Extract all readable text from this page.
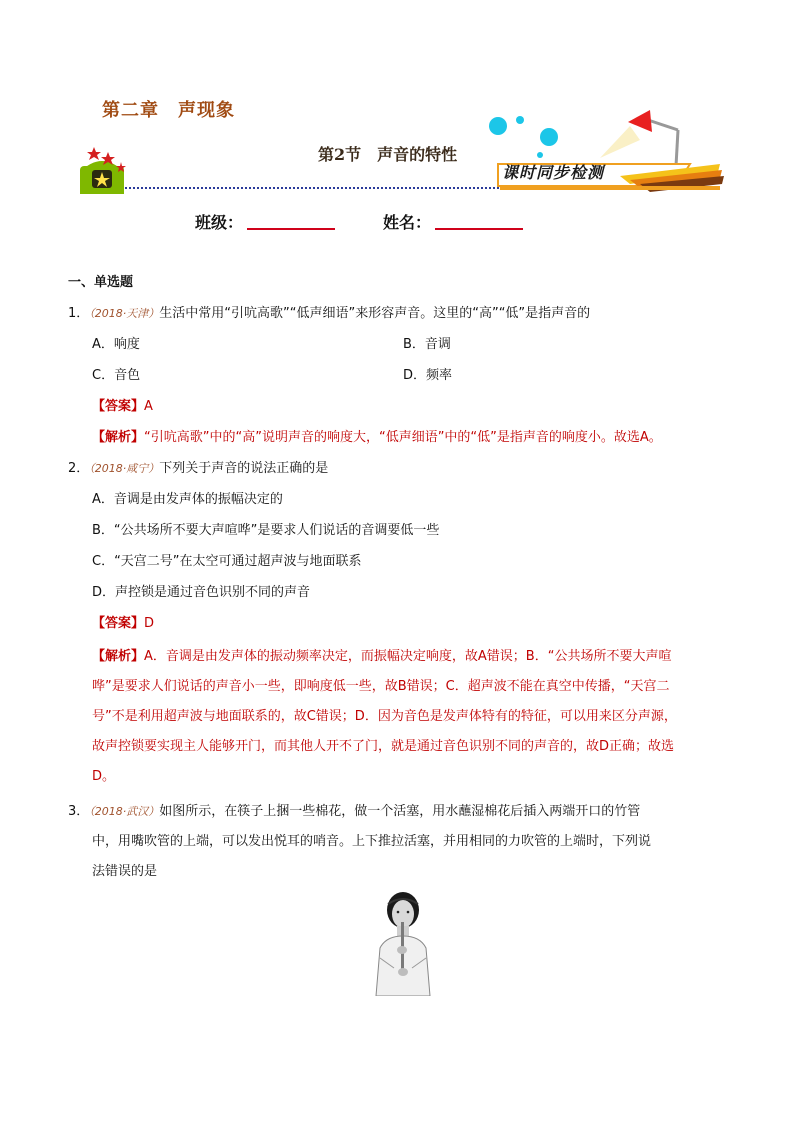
第二章　声现象
第2节　声音的特性
课时同步检测
班级：	姓名：
一、单选题
1．（2018·天津）生活中常用“引吭高歌”“低声细语”来形容声音。这里的“高”“低”是指声音的
A．响度	B．音调
C．音色	D．频率
【答案】A
【解析】“引吭高歌”中的“高”说明声音的响度大，“低声细语”中的“低”是指声音的响度小。故选A。
2．（2018·咸宁）下列关于声音的说法正确的是
A．音调是由发声体的振幅决定的
B．“公共场所不要大声喧哗”是要求人们说话的音调要低一些
C．“天宫二号”在太空可通过超声波与地面联系
D．声控锁是通过音色识别不同的声音
【答案】D
【解析】A．音调是由发声体的振动频率决定，而振幅决定响度，故A错误；B．“公共场所不要大声喧
哗”是要求人们说话的声音小一些，即响度低一些，故B错误；C．超声波不能在真空中传播，“天宫二
号”不是利用超声波与地面联系的，故C错误；D．因为音色是发声体特有的特征，可以用来区分声源，
故声控锁要实现主人能够开门，而其他人开不了门，就是通过音色识别不同的声音的，故D正确；故选
D。
3．（2018·武汉）如图所示，在筷子上捆一些棉花，做一个活塞，用水蘸湿棉花后插入两端开口的竹管
中，用嘴吹管的上端，可以发出悦耳的哨音。上下推拉活塞，并用相同的力吹管的上端时，下列说
法错误的是
